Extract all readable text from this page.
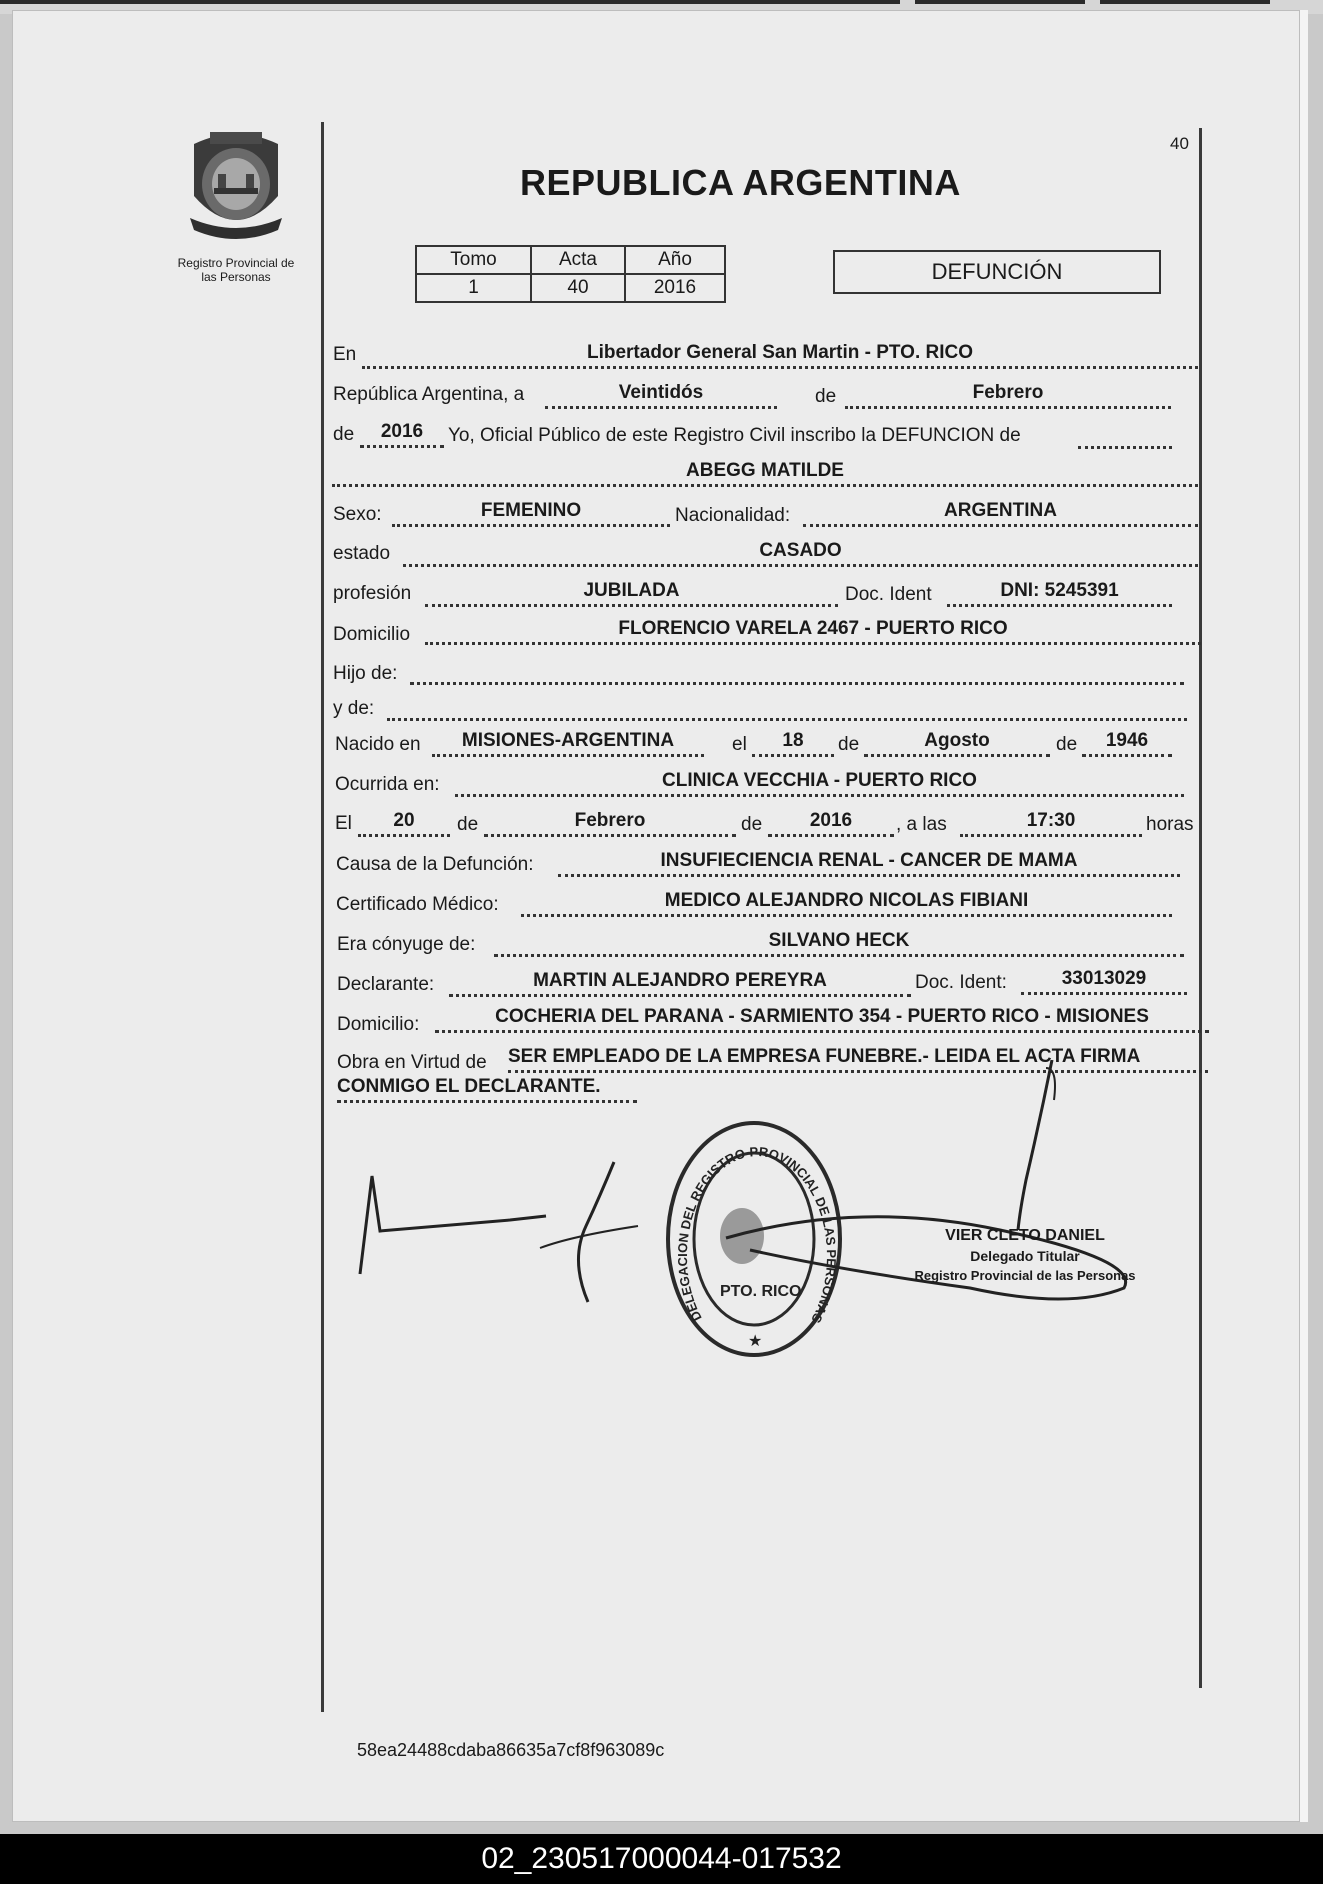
Registro Provincial de
las Personas
40
REPUBLICA ARGENTINA
Tomo	Acta	Año
1	40	2016
DEFUNCIÓN
En	Libertador General San Martin - PTO. RICO
República Argentina, a	Veintidós	de	Febrero
de	2016	Yo, Oficial Público de este Registro Civil inscribo la DEFUNCION de
ABEGG MATILDE
Sexo:	FEMENINO	Nacionalidad:	ARGENTINA
estado	CASADO
profesión	JUBILADA	Doc. Ident	DNI: 5245391
Domicilio	FLORENCIO VARELA 2467 - PUERTO RICO
Hijo de:
y de:
Nacido en	MISIONES-ARGENTINA	el	18	de	Agosto	de	1946
Ocurrida en:	CLINICA VECCHIA - PUERTO RICO
El	20	de	Febrero	de	2016	, a las	17:30	horas
Causa de la Defunción:	INSUFIECIENCIA RENAL - CANCER DE MAMA
Certificado Médico:	MEDICO ALEJANDRO NICOLAS FIBIANI
Era cónyuge de:	SILVANO HECK
Declarante:	MARTIN ALEJANDRO PEREYRA	Doc. Ident:	33013029
Domicilio:	COCHERIA DEL PARANA - SARMIENTO 354 - PUERTO RICO - MISIONES
Obra en Virtud de SER EMPLEADO DE LA EMPRESA FUNEBRE.- LEIDA EL ACTA FIRMA
CONMIGO EL DECLARANTE.
DELEGACION DEL REGISTRO PROVINCIAL DE LAS PERSONAS
PTO. RICO
★
VIER CLETO DANIEL
Delegado Titular
Registro Provincial de las Personas
58ea24488cdaba86635a7cf8f963089c
02_230517000044-017532
